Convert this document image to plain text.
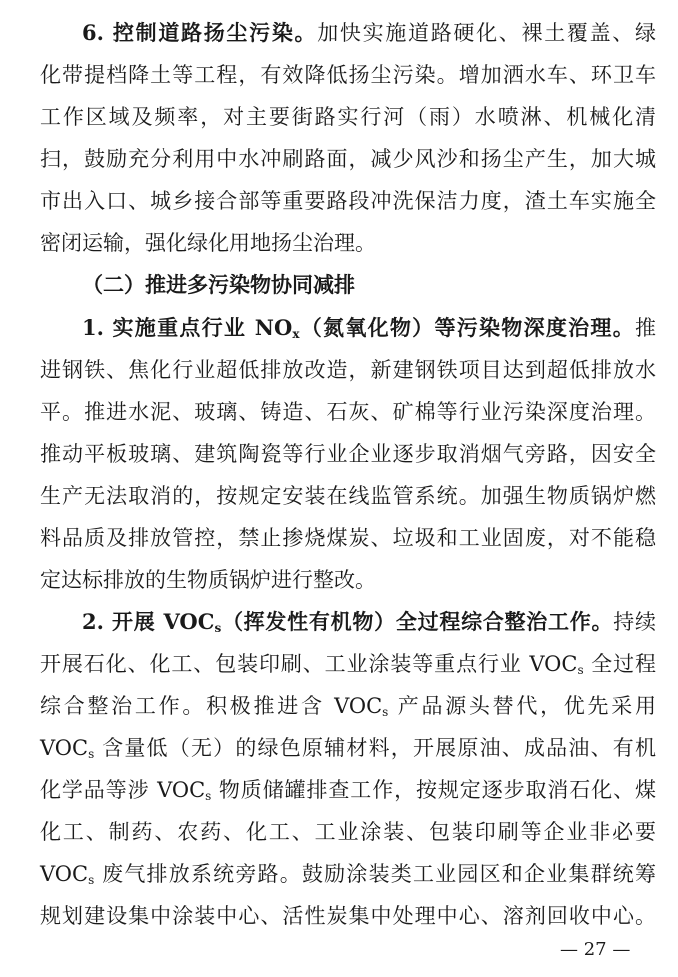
6. 控制道路扬尘污染。加快实施道路硬化、裸土覆盖、绿
化带提档降土等工程，有效降低扬尘污染。增加洒水车、环卫车
工作区域及频率，对主要街路实行河（雨）水喷淋、机械化清
扫，鼓励充分利用中水冲刷路面，减少风沙和扬尘产生，加大城
市出入口、城乡接合部等重要路段冲洗保洁力度，渣土车实施全
密闭运输，强化绿化用地扬尘治理。
（二）推进多污染物协同减排
1. 实施重点行业 $NO_x$（氮氧化物）等污染物深度治理。推
进钢铁、焦化行业超低排放改造，新建钢铁项目达到超低排放水
平。推进水泥、玻璃、铸造、石灰、矿棉等行业污染深度治理。
推动平板玻璃、建筑陶瓷等行业企业逐步取消烟气旁路，因安全
生产无法取消的，按规定安装在线监管系统。加强生物质锅炉燃
料品质及排放管控，禁止掺烧煤炭、垃圾和工业固废，对不能稳
定达标排放的生物质锅炉进行整改。
2. 开展 $VOC_s$（挥发性有机物）全过程综合整治工作。持续
开展石化、化工、包装印刷、工业涂装等重点行业 $VOC_s$ 全过程
综合整治工作。积极推进含 $VOC_s$ 产品源头替代，优先采用
$VOC_s$ 含量低（无）的绿色原辅材料，开展原油、成品油、有机
化学品等涉 $VOC_s$ 物质储罐排查工作，按规定逐步取消石化、煤
化工、制药、农药、化工、工业涂装、包装印刷等企业非必要
$VOC_s$ 废气排放系统旁路。鼓励涂装类工业园区和企业集群统筹
规划建设集中涂装中心、活性炭集中处理中心、溶剂回收中心。
— 27 —
